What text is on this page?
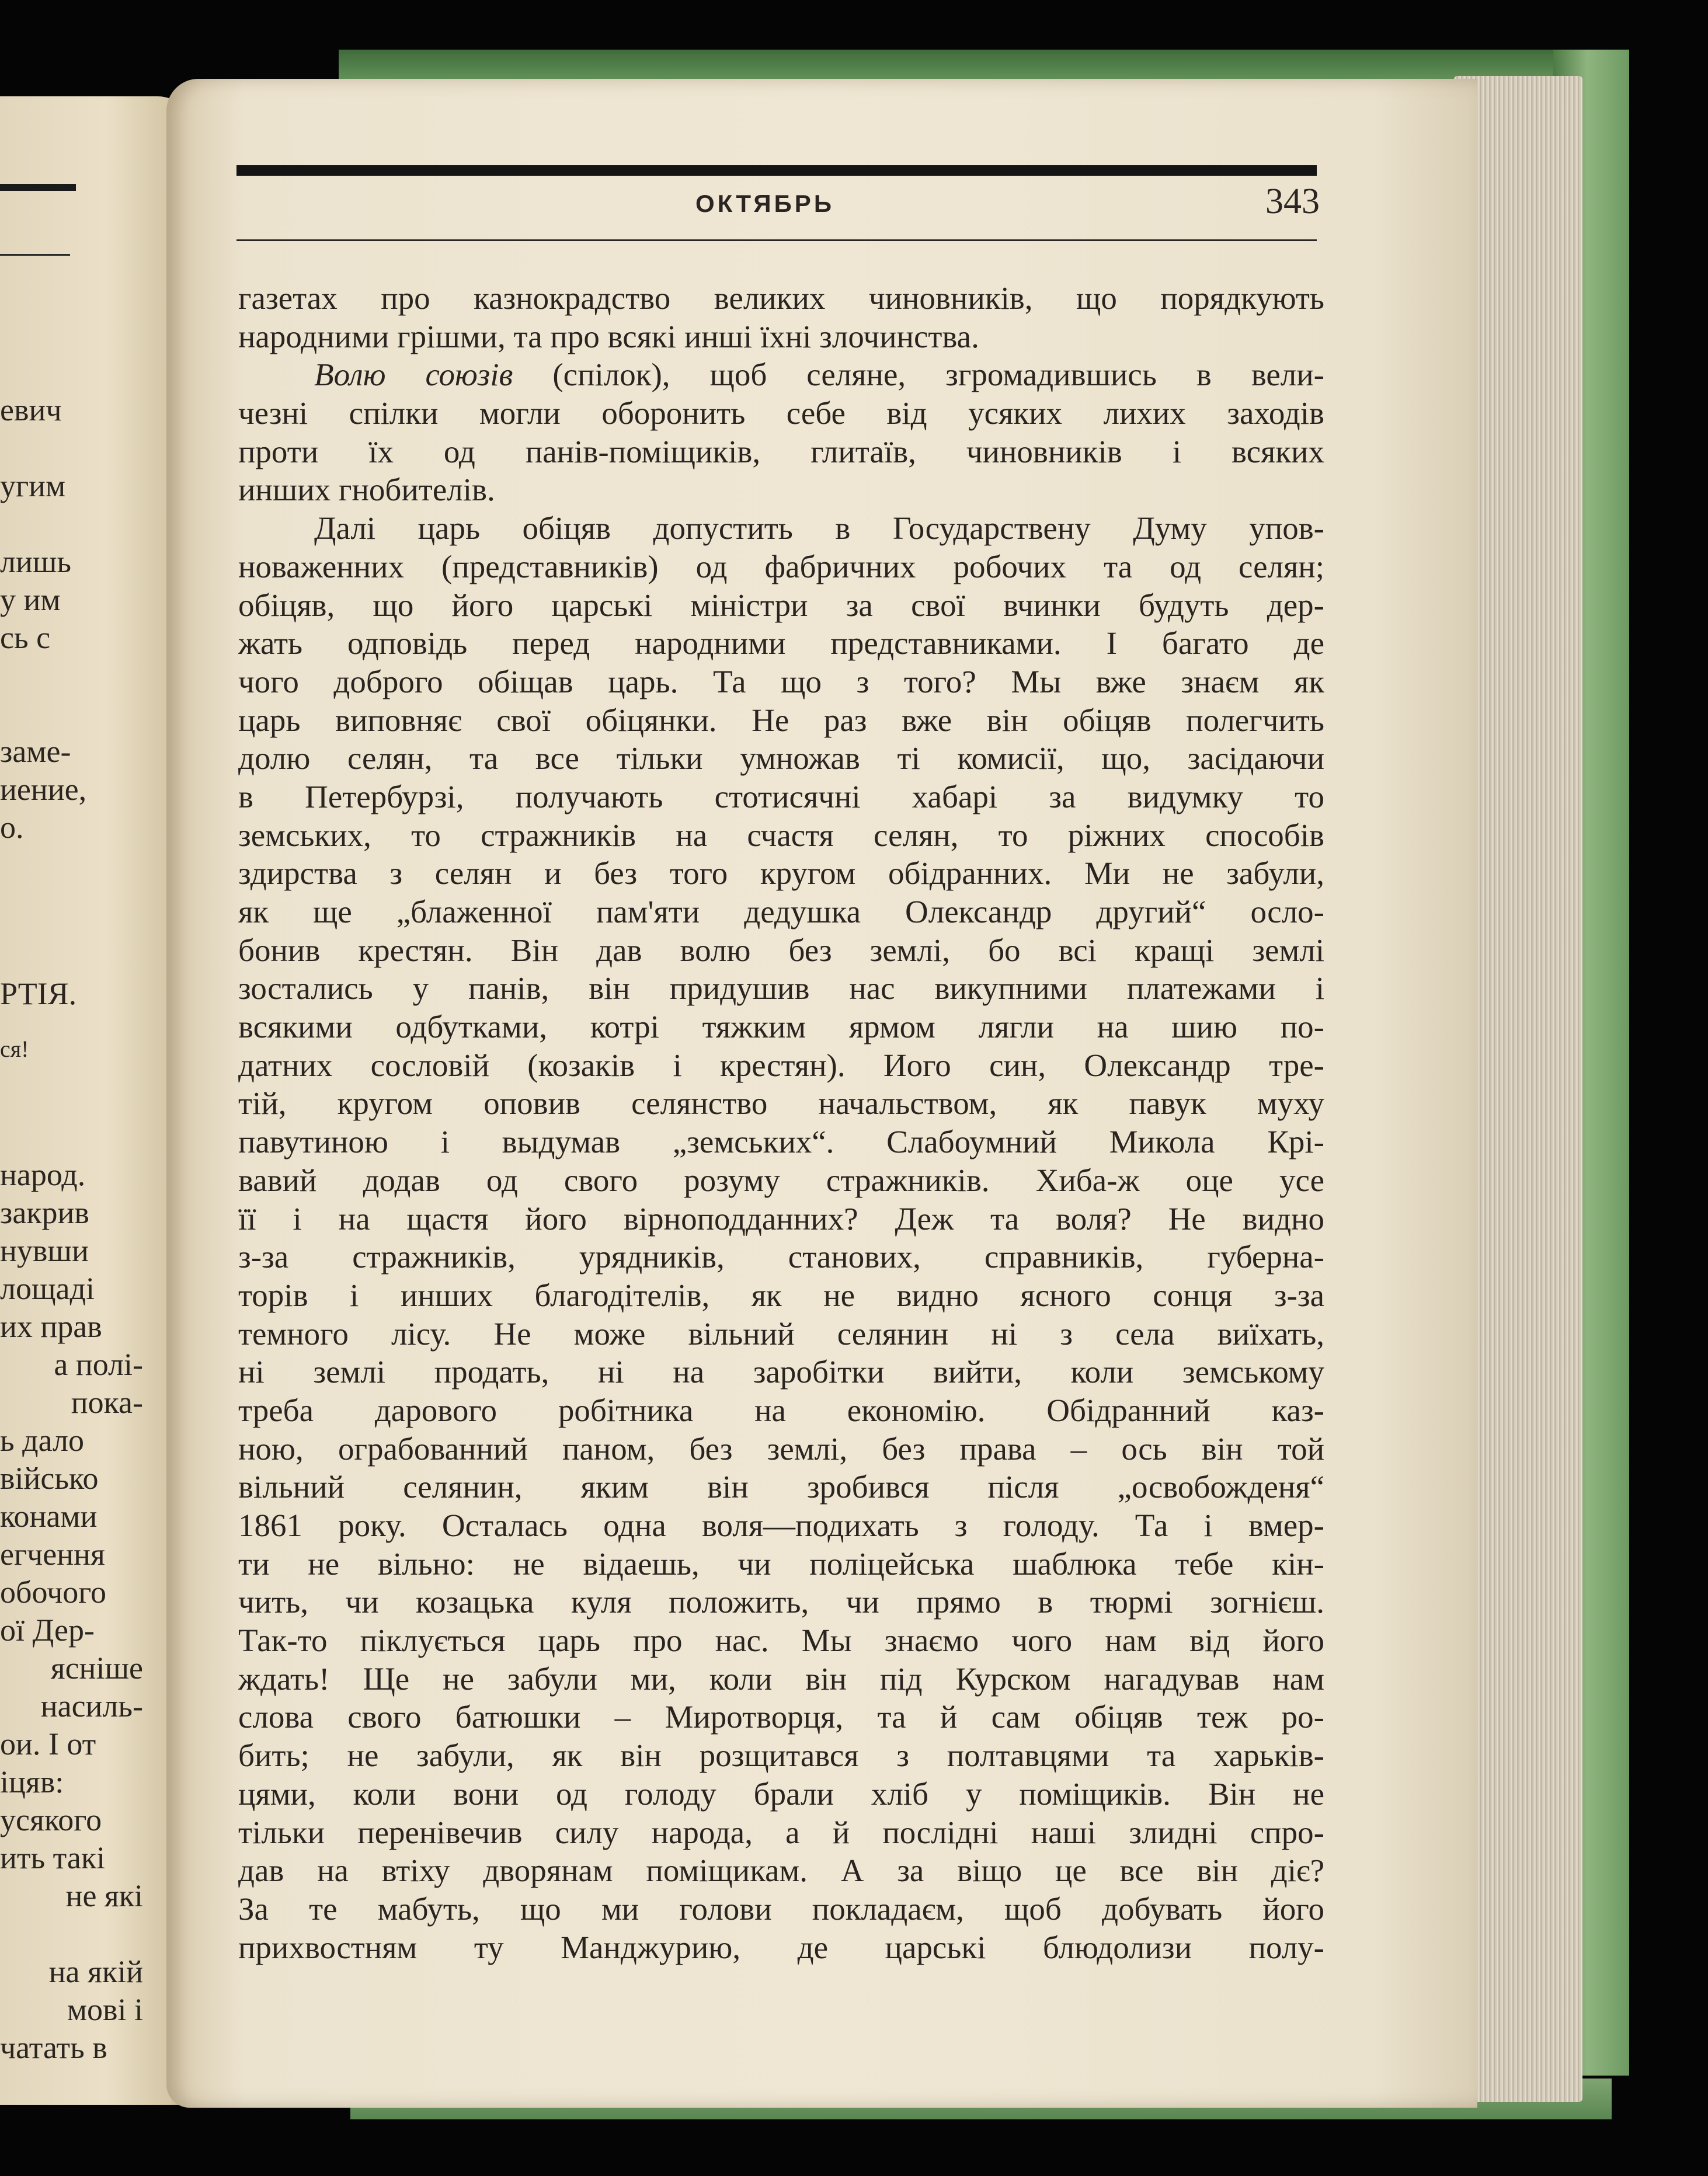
евич
угим
лишь
у им
сь с
заме-
иение,
о.
РТІЯ.
ся!
народ.
закрив
нувши
лощаді
их прав
а полі-
пока-
ь дало
військо
конами
егчення
обочого
ої Дер-
ясніше
насиль-
ои. І от
іцяв:
усякого
ить такі
не які
на якій
мові і
чатать в
ОКТЯБРЬ	343
газетах про казнокрадство великих чиновників, що порядкують
народними грішми, та про всякі инші їхні злочинства.
Волю союзів (спілок), щоб селяне, згромадившись в вели-
чезні спілки могли оборонить себе від усяких лихих заходів
проти їх од панів-поміщиків, глитаїв, чиновників і всяких
инших гнобителів.
Далі царь обіцяв допустить в Государствену Думу упов-
новаженних (представників) од фабричних робочих та од селян;
обіцяв, що його царські міністри за свої вчинки будуть дер-
жать одповідь перед народними представниками. І багато де
чого доброго обіщав царь. Та що з того? Мы вже знаєм як
царь виповняє свої обіцянки. Не раз вже він обіцяв полегчить
долю селян, та все тільки умножав ті комисії, що, засідаючи
в Петербурзі, получають стотисячні хабарі за видумку то
земських, то стражників на счастя селян, то ріжних способів
здирства з селян и без того кругом обідранних. Ми не забули,
як ще „блаженної пам'яти дедушка Олександр другий“ осло-
бонив крестян. Він дав волю без землі, бо всі кращі землі
зостались у панів, він придушив нас викупними платежами і
всякими одбутками, котрі тяжким ярмом лягли на шию по-
датних сословій (козаків і крестян). Иого син, Олександр тре-
тій, кругом оповив селянство начальством, як павук муху
павутиною і выдумав „земських“. Слабоумний Микола Крі-
вавий додав од свого розуму стражників. Хиба-ж оце усе
її і на щастя його вірноподданних? Деж та воля? Не видно
з-за стражників, урядників, станових, справників, губерна-
торів і инших благодітелів, як не видно ясного сонця з-за
темного лісу. Не може вільний селянин ні з села виїхать,
ні землі продать, ні на заробітки вийти, коли земському
треба дарового робітника на економію. Обідранний каз-
ною, ограбованний паном, без землі, без права – ось він той
вільний селянин, яким він зробився після „освобожденя“
1861 року. Осталась одна воля—подихать з голоду. Та і вмер-
ти не вільно: не відаешь, чи поліцейська шаблюка тебе кін-
чить, чи козацька куля положить, чи прямо в тюрмі зогнієш.
Так-то піклується царь про нас. Мы знаємо чого нам від його
ждать! Ще не забули ми, коли він під Курском нагадував нам
слова свого батюшки – Миротворця, та й сам обіцяв теж ро-
бить; не забули, як він розщитався з полтавцями та харьків-
цями, коли вони од голоду брали хліб у поміщиків. Він не
тільки перенівечив силу народа, а й послідні наші злидні спро-
дав на втіху дворянам поміщикам. А за віщо це все він діє?
За те мабуть, що ми голови покладаєм, щоб добувать його
прихвостням ту Манджурию, де царські блюдолизи полу-
